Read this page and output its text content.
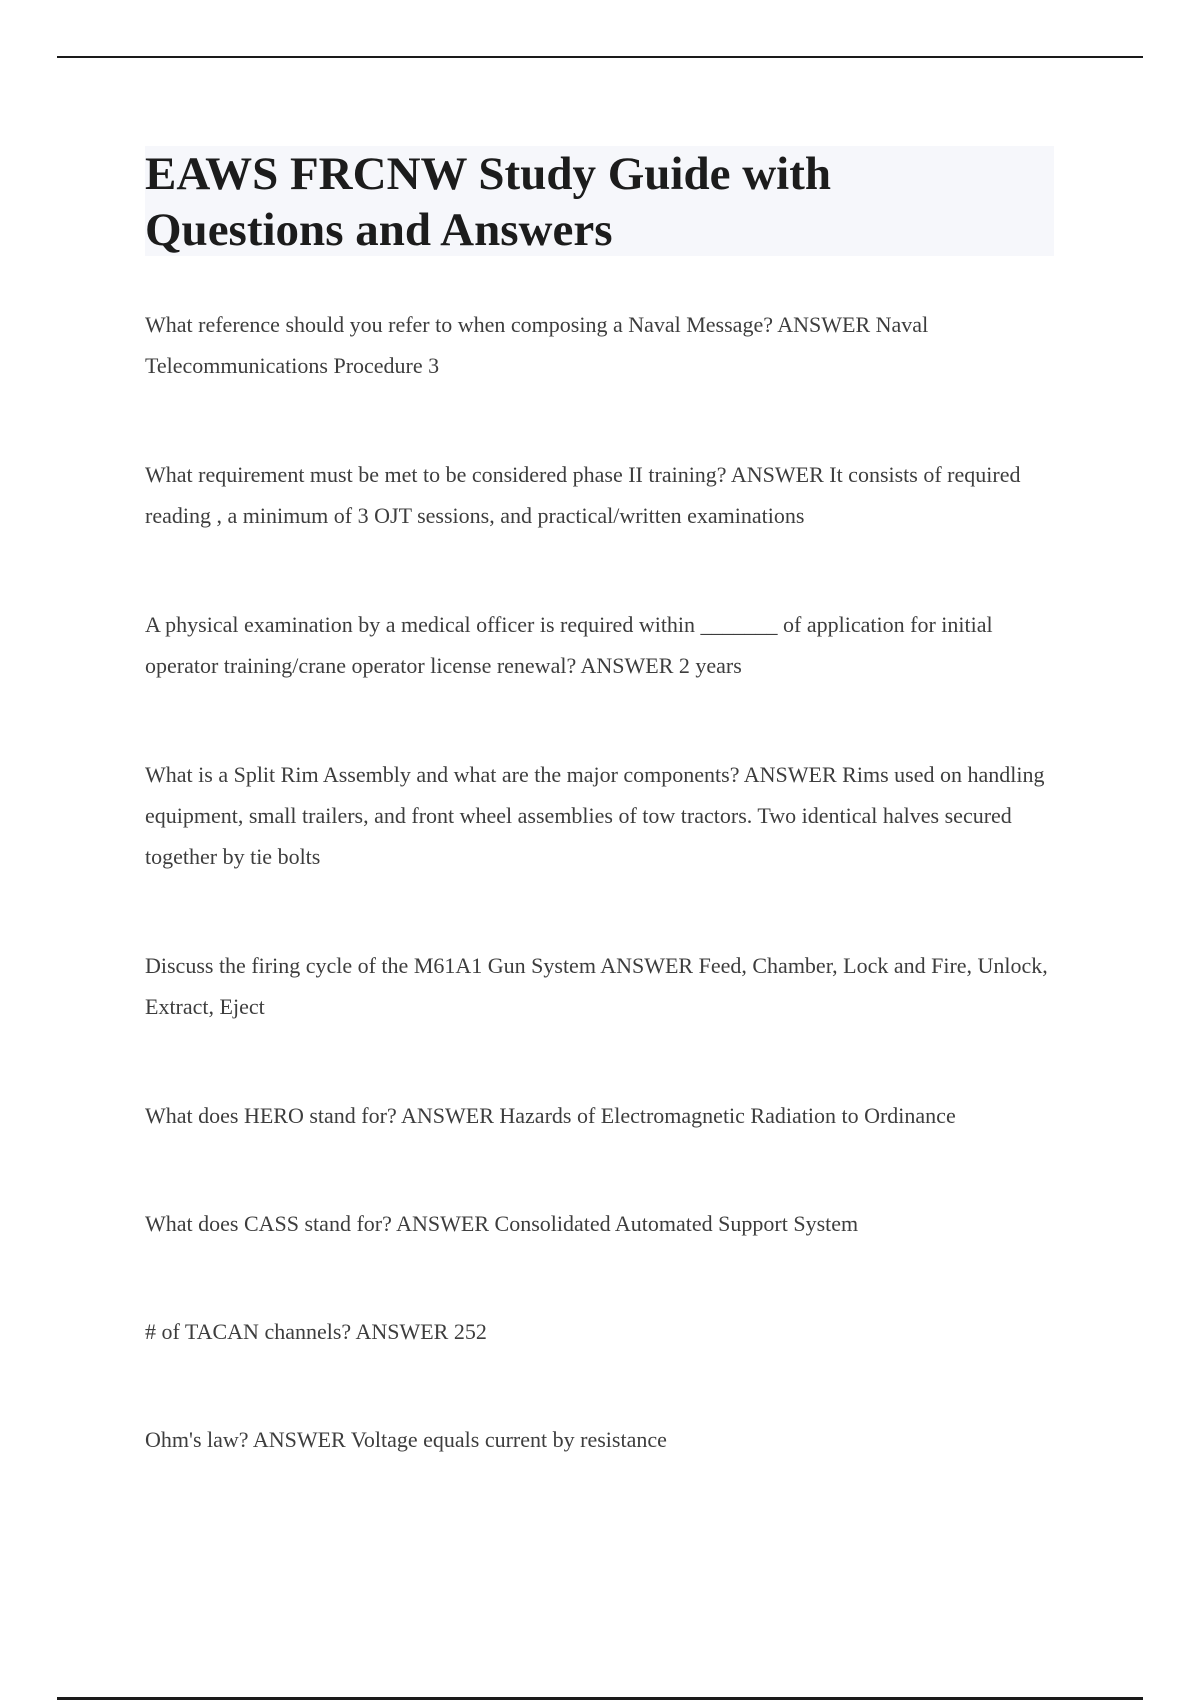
EAWS FRCNW Study Guide with
Questions and Answers

What reference should you refer to when composing a Naval Message? ANSWER Naval Telecommunications Procedure 3

What requirement must be met to be considered phase II training? ANSWER It consists of required reading , a minimum of 3 OJT sessions, and practical/written examinations

A physical examination by a medical officer is required within _______ of application for initial operator training/crane operator license renewal? ANSWER 2 years

What is a Split Rim Assembly and what are the major components? ANSWER Rims used on handling equipment, small trailers, and front wheel assemblies of tow tractors. Two identical halves secured together by tie bolts

Discuss the firing cycle of the M61A1 Gun System ANSWER Feed, Chamber, Lock and Fire, Unlock, Extract, Eject

What does HERO stand for? ANSWER Hazards of Electromagnetic Radiation to Ordinance

What does CASS stand for? ANSWER Consolidated Automated Support System

# of TACAN channels? ANSWER 252

Ohm's law? ANSWER Voltage equals current by resistance
